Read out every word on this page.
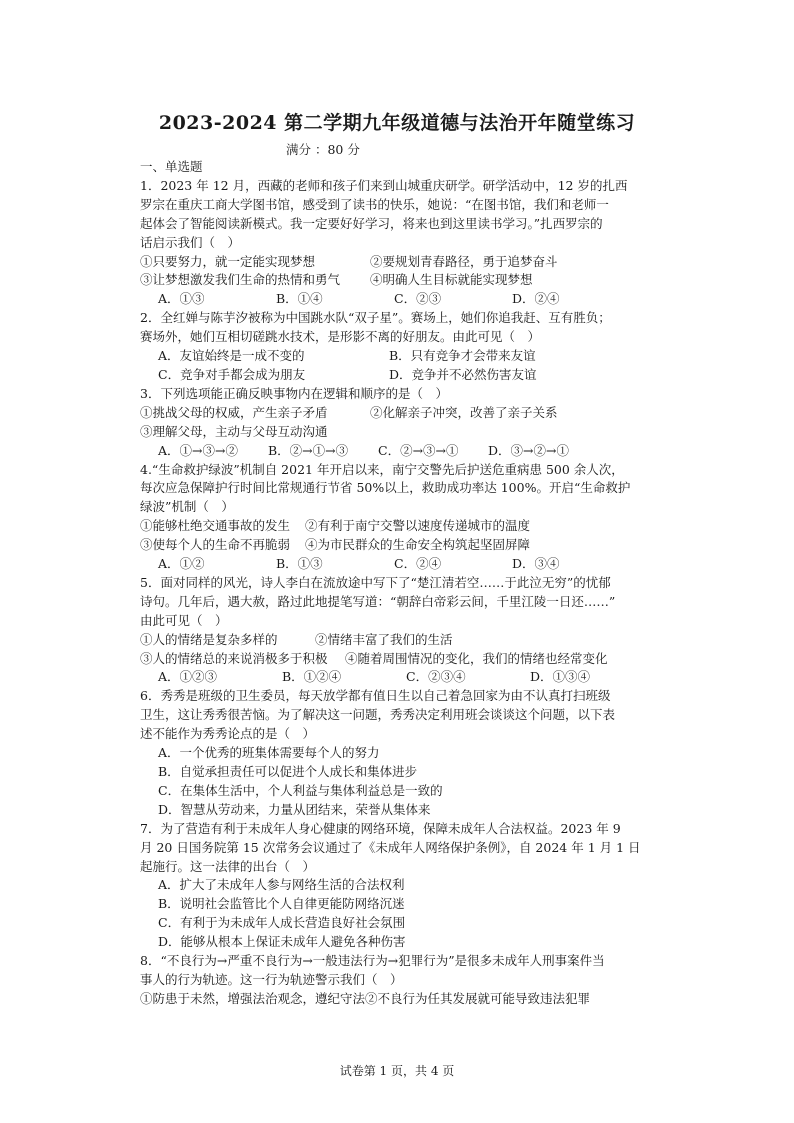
2023-2024 第二学期九年级道德与法治开年随堂练习
满分 ：80 分
一、单选题
1．2023 年 12 月，西藏的老师和孩子们来到山城重庆研学。研学活动中，12 岁的扎西
罗宗在重庆工商大学图书馆，感受到了读书的快乐，她说：“在图书馆，我们和老师一
起体会了智能阅读新模式。我一定要好好学习，将来也到这里读书学习。”扎西罗宗的
话启示我们（　）
①只要努力，就一定能实现梦想	②要规划青春路径，勇于追梦奋斗
③让梦想激发我们生命的热情和勇气	④明确人生目标就能实现梦想
A．①③	B．①④	C．②③	D．②④
2．全红婵与陈芋汐被称为中国跳水队“双子星”。赛场上，她们你追我赶、互有胜负；
赛场外，她们互相切磋跳水技术，是形影不离的好朋友。由此可见（　）
A．友谊始终是一成不变的	B．只有竞争才会带来友谊
C．竞争对手都会成为朋友	D．竞争并不必然伤害友谊
3．下列选项能正确反映事物内在逻辑和顺序的是（　）
①挑战父母的权威，产生亲子矛盾	②化解亲子冲突，改善了亲子关系
③理解父母，主动与父母互动沟通
A．①→③→②	B．②→①→③	C．②→③→①	D．③→②→①
4.“生命救护绿波”机制自 2021 年开启以来，南宁交警先后护送危重病患 500 余人次，
每次应急保障护行时间比常规通行节省 50%以上，救助成功率达 100%。开启“生命救护
绿波”机制（　）
①能够杜绝交通事故的发生	②有利于南宁交警以速度传递城市的温度
③使每个人的生命不再脆弱	④为市民群众的生命安全构筑起坚固屏障
A．①②	B．①③	C．②④	D．③④
5．面对同样的风光，诗人李白在流放途中写下了“楚江清若空……于此泣无穷”的忧郁
诗句。几年后，遇大赦，路过此地提笔写道：“朝辞白帝彩云间，千里江陵一日还……”
由此可见（　）
①人的情绪是复杂多样的	②情绪丰富了我们的生活
③人的情绪总的来说消极多于积极	④随着周围情况的变化，我们的情绪也经常变化
A．①②③	B．①②④	C．②③④	D．①③④
6．秀秀是班级的卫生委员，每天放学都有值日生以自己着急回家为由不认真打扫班级
卫生，这让秀秀很苦恼。为了解决这一问题，秀秀决定利用班会谈谈这个问题，以下表
述不能作为秀秀论点的是（　）
A．一个优秀的班集体需要每个人的努力
B．自觉承担责任可以促进个人成长和集体进步
C．在集体生活中，个人利益与集体利益总是一致的
D．智慧从劳动来，力量从团结来，荣誉从集体来
7．为了营造有利于未成年人身心健康的网络环境，保障未成年人合法权益。2023 年 9
月 20 日国务院第 15 次常务会议通过了《未成年人网络保护条例》，自 2024 年 1 月 1 日
起施行。这一法律的出台（　）
A．扩大了未成年人参与网络生活的合法权利
B．说明社会监管比个人自律更能防网络沉迷
C．有利于为未成年人成长营造良好社会氛围
D．能够从根本上保证未成年人避免各种伤害
8．“不良行为→严重不良行为→一般违法行为→犯罪行为”是很多未成年人刑事案件当
事人的行为轨迹。这一行为轨迹警示我们（　）
①防患于未然，增强法治观念，遵纪守法②不良行为任其发展就可能导致违法犯罪
试卷第 1 页，共 4 页
